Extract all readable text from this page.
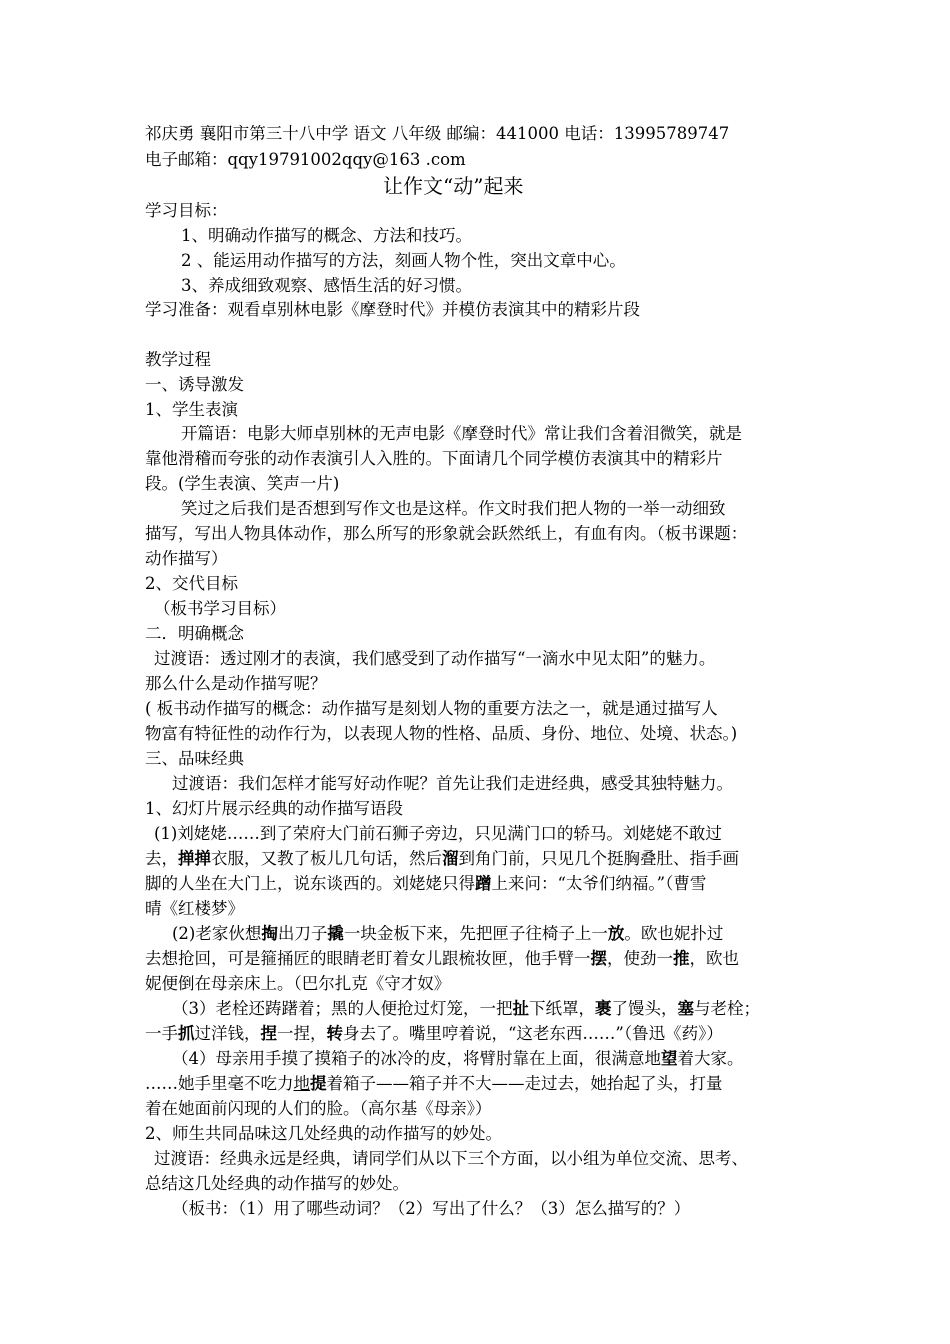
祁庆勇 襄阳市第三十八中学 语文 八年级 邮编：441000 电话：13995789747
电子邮箱：qqy19791002qqy@163 .com
让作文“动”起来
学习目标：
1、明确动作描写的概念、方法和技巧。
2 、能运用动作描写的方法，刻画人物个性，突出文章中心。
3、养成细致观察、感悟生活的好习惯。
学习准备：观看卓别林电影《摩登时代》并模仿表演其中的精彩片段
教学过程
一、诱导激发
1、学生表演
开篇语：电影大师卓别林的无声电影《摩登时代》常让我们含着泪微笑，就是
靠他滑稽而夸张的动作表演引人入胜的。下面请几个同学模仿表演其中的精彩片
段。(学生表演、笑声一片)
笑过之后我们是否想到写作文也是这样。作文时我们把人物的一举一动细致
描写，写出人物具体动作，那么所写的形象就会跃然纸上，有血有肉。（板书课题：
动作描写）
2、交代目标
（板书学习目标）
二．明确概念
过渡语：透过刚才的表演，我们感受到了动作描写“一滴水中见太阳”的魅力。
那么什么是动作描写呢？
( 板书动作描写的概念：动作描写是刻划人物的重要方法之一，就是通过描写人
物富有特征性的动作行为，以表现人物的性格、品质、身份、地位、处境、状态。)
三、品味经典
过渡语：我们怎样才能写好动作呢？首先让我们走进经典，感受其独特魅力。
1、幻灯片展示经典的动作描写语段
(1)刘姥姥……到了荣府大门前石狮子旁边，只见满门口的轿马。刘姥姥不敢过
去，掸掸衣服，又教了板儿几句话，然后溜到角门前，只见几个挺胸叠肚、指手画
脚的人坐在大门上，说东谈西的。刘姥姥只得蹭上来问：“太爷们纳福。”（曹雪
晴《红楼梦》
(2)老家伙想掏出刀子撬一块金板下来，先把匣子往椅子上一放。欧也妮扑过
去想抢回，可是箍捅匠的眼睛老盯着女儿跟梳妆匣，他手臂一摆，使劲一推，欧也
妮便倒在母亲床上。（巴尔扎克《守才奴》
（3）老栓还踌躇着；黑的人便抢过灯笼，一把扯下纸罩，裹了馒头，塞与老栓；
一手抓过洋钱，捏一捏，转身去了。嘴里哼着说，“这老东西……”（鲁迅《药》）
（4）母亲用手摸了摸箱子的冰冷的皮，将臂肘靠在上面，很满意地望着大家。
……她手里毫不吃力地提着箱子——箱子并不大——走过去，她抬起了头，打量
着在她面前闪现的人们的脸。（高尔基《母亲》）
2、师生共同品味这几处经典的动作描写的妙处。
过渡语：经典永远是经典，请同学们从以下三个方面，以小组为单位交流、思考、
总结这几处经典的动作描写的妙处。
（板书：（1）用了哪些动词？（2）写出了什么？（3）怎么描写的？）
